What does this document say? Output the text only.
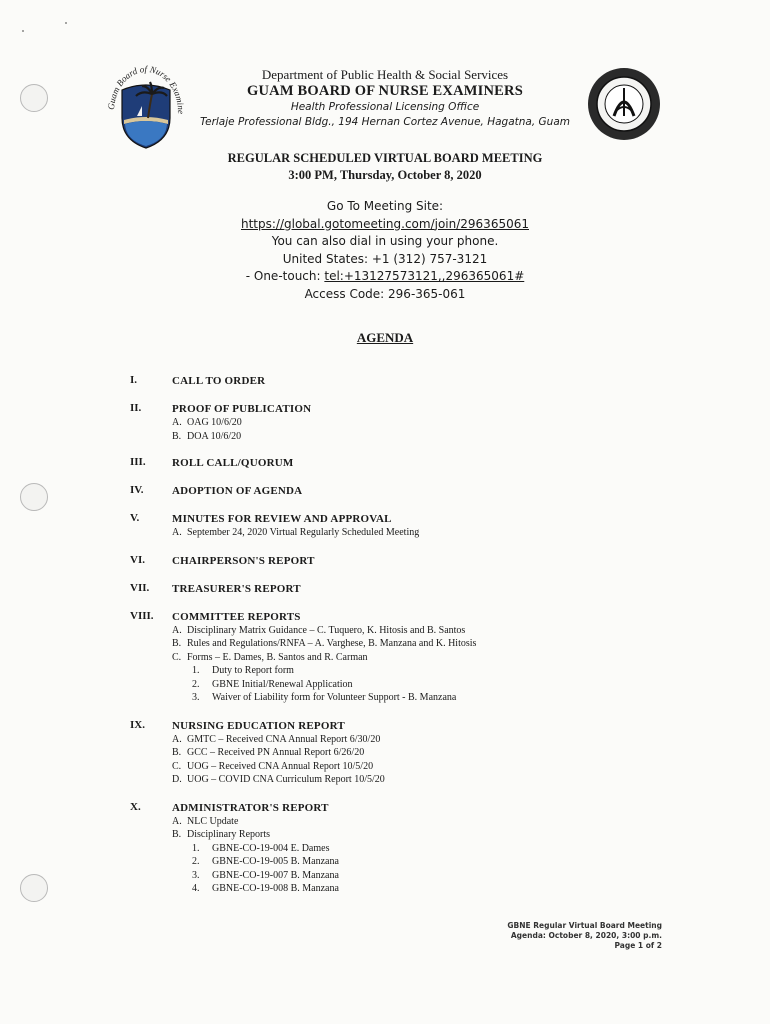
Guam Board of Nurse Examine
Department of Public Health & Social Services
GUAM BOARD OF NURSE EXAMINERS
Health Professional Licensing Office
Terlaje Professional Bldg., 194 Hernan Cortez Avenue, Hagatna, Guam
REGULAR SCHEDULED VIRTUAL BOARD MEETING
3:00 PM, Thursday, October 8, 2020
Go To Meeting Site:
https://global.gotomeeting.com/join/296365061
You can also dial in using your phone.
United States: +1 (312) 757-3121
- One-touch: tel:+13127573121,,296365061#
Access Code: 296-365-061
AGENDA
I.	CALL TO ORDER
II.	PROOF OF PUBLICATION
A. OAG 10/6/20
B. DOA 10/6/20
III. ROLL CALL/QUORUM
IV.	ADOPTION OF AGENDA
V.	MINUTES FOR REVIEW AND APPROVAL
A. September 24, 2020 Virtual Regularly Scheduled Meeting
VI. CHAIRPERSON'S REPORT
VII. TREASURER'S REPORT
VIII. COMMITTEE REPORTS
A. Disciplinary Matrix Guidance – C. Tuquero, K. Hitosis and B. Santos
B. Rules and Regulations/RNFA – A. Varghese, B. Manzana and K. Hitosis
C. Forms – E. Dames, B. Santos and R. Carman
1. Duty to Report form
2. GBNE Initial/Renewal Application
3. Waiver of Liability form for Volunteer Support - B. Manzana
IX. NURSING EDUCATION REPORT
A. GMTC – Received CNA Annual Report 6/30/20
B. GCC – Received PN Annual Report 6/26/20
C. UOG – Received CNA Annual Report 10/5/20
D. UOG – COVID CNA Curriculum Report 10/5/20
X.	ADMINISTRATOR'S REPORT
A. NLC Update
B. Disciplinary Reports
1. GBNE-CO-19-004 E. Dames
2. GBNE-CO-19-005 B. Manzana
3. GBNE-CO-19-007 B. Manzana
4. GBNE-CO-19-008 B. Manzana
GBNE Regular Virtual Board Meeting
Agenda: October 8, 2020, 3:00 p.m.
Page 1 of 2
